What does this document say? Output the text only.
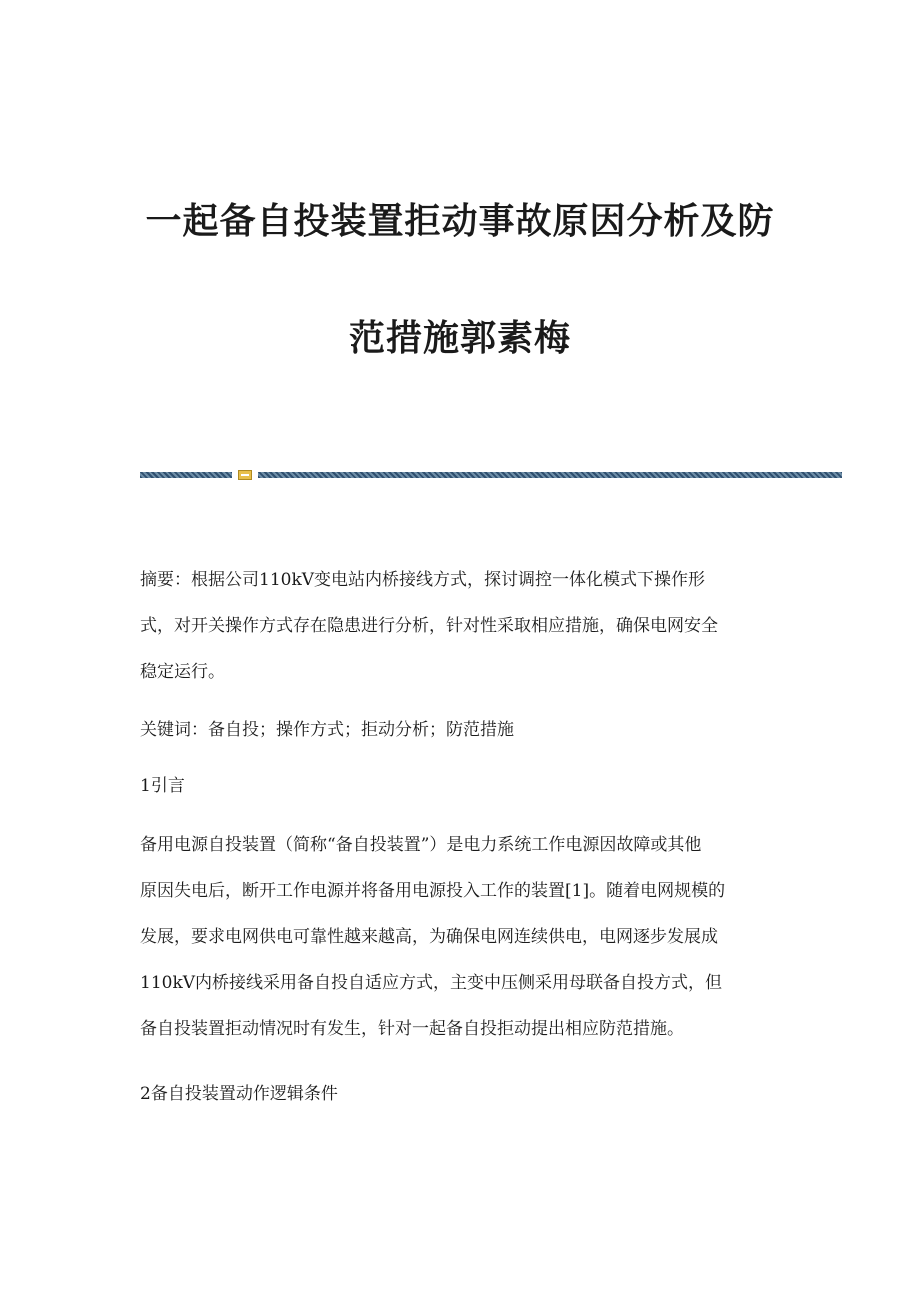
一起备自投装置拒动事故原因分析及防
范措施郭素梅
摘要：根据公司110kV变电站内桥接线方式，探讨调控一体化模式下操作形
式，对开关操作方式存在隐患进行分析，针对性采取相应措施，确保电网安全
稳定运行。
关键词：备自投；操作方式；拒动分析；防范措施
1引言
备用电源自投装置（简称“备自投装置”）是电力系统工作电源因故障或其他
原因失电后，断开工作电源并将备用电源投入工作的装置[1]。随着电网规模的
发展，要求电网供电可靠性越来越高，为确保电网连续供电，电网逐步发展成
110kV内桥接线采用备自投自适应方式，主变中压侧采用母联备自投方式，但
备自投装置拒动情况时有发生，针对一起备自投拒动提出相应防范措施。
2备自投装置动作逻辑条件
